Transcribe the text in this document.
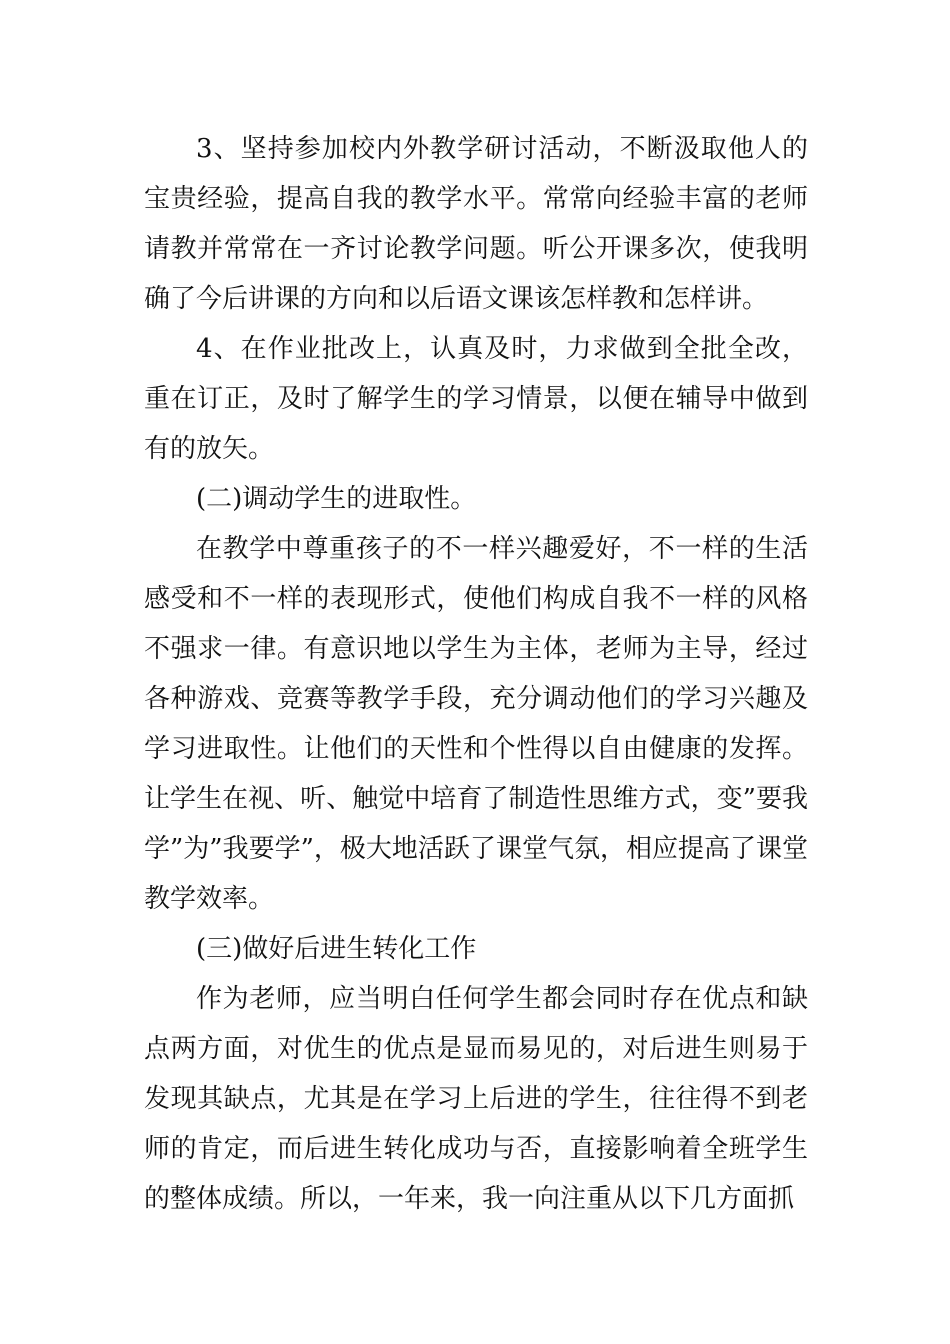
3、坚持参加校内外教学研讨活动，不断汲取他人的宝贵经验，提高自我的教学水平。常常向经验丰富的老师请教并常常在一齐讨论教学问题。听公开课多次，使我明确了今后讲课的方向和以后语文课该怎样教和怎样讲。

4、在作业批改上，认真及时，力求做到全批全改，重在订正，及时了解学生的学习情景，以便在辅导中做到有的放矢。

(二)调动学生的进取性。

在教学中尊重孩子的不一样兴趣爱好，不一样的生活感受和不一样的表现形式，使他们构成自我不一样的风格不强求一律。有意识地以学生为主体，老师为主导，经过各种游戏、竞赛等教学手段，充分调动他们的学习兴趣及学习进取性。让他们的天性和个性得以自由健康的发挥。让学生在视、听、触觉中培育了制造性思维方式，变”要我学”为”我要学”，极大地活跃了课堂气氛，相应提高了课堂教学效率。

(三)做好后进生转化工作

作为老师，应当明白任何学生都会同时存在优点和缺点两方面，对优生的优点是显而易见的，对后进生则易于发现其缺点，尤其是在学习上后进的学生，往往得不到老师的肯定，而后进生转化成功与否，直接影响着全班学生的整体成绩。所以，一年来，我一向注重从以下几方面抓
